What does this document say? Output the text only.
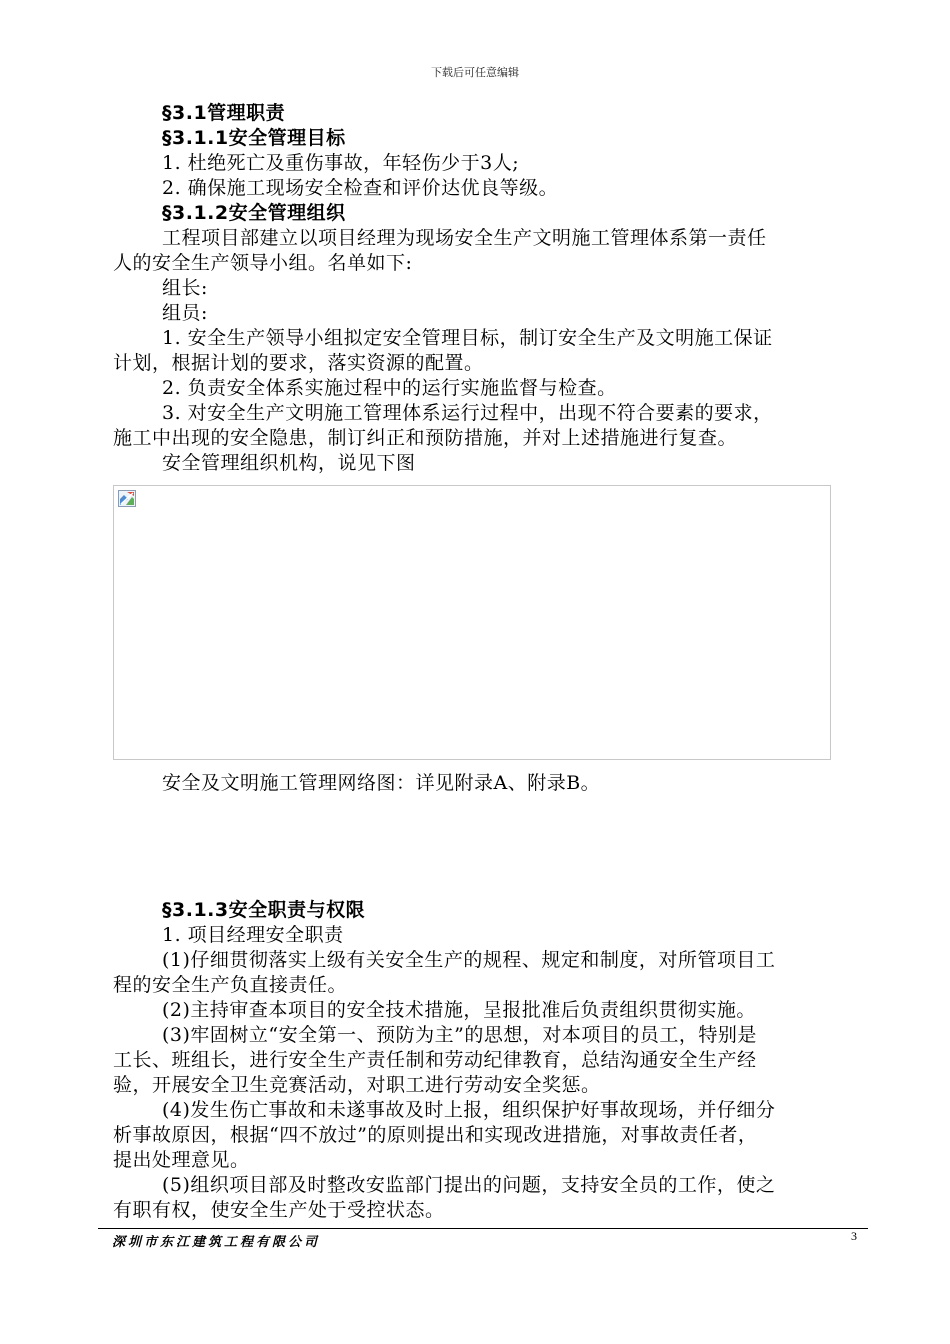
下载后可任意编辑
§3.1管理职责
§3.1.1安全管理目标
1. 杜绝死亡及重伤事故，年轻伤少于3人;
2. 确保施工现场安全检查和评价达优良等级。
§3.1.2安全管理组织
工程项目部建立以项目经理为现场安全生产文明施工管理体系第一责任
人的安全生产领导小组。名单如下:
组长:
组员:
1. 安全生产领导小组拟定安全管理目标，制订安全生产及文明施工保证
计划，根据计划的要求，落实资源的配置。
2. 负责安全体系实施过程中的运行实施监督与检查。
3. 对安全生产文明施工管理体系运行过程中，出现不符合要素的要求，
施工中出现的安全隐患，制订纠正和预防措施，并对上述措施进行复查。
安全管理组织机构，说见下图
安全及文明施工管理网络图：详见附录A、附录B。
§3.1.3安全职责与权限
1. 项目经理安全职责
(1)仔细贯彻落实上级有关安全生产的规程、规定和制度，对所管项目工
程的安全生产负直接责任。
(2)主持审查本项目的安全技术措施，呈报批准后负责组织贯彻实施。
(3)牢固树立“安全第一、预防为主”的思想，对本项目的员工，特别是
工长、班组长，进行安全生产责任制和劳动纪律教育，总结沟通安全生产经
验，开展安全卫生竞赛活动，对职工进行劳动安全奖惩。
(4)发生伤亡事故和未遂事故及时上报，组织保护好事故现场，并仔细分
析事故原因，根据“四不放过”的原则提出和实现改进措施，对事故责任者，
提出处理意见。
(5)组织项目部及时整改安监部门提出的问题，支持安全员的工作，使之
有职有权，使安全生产处于受控状态。
深圳市东江建筑工程有限公司	3
